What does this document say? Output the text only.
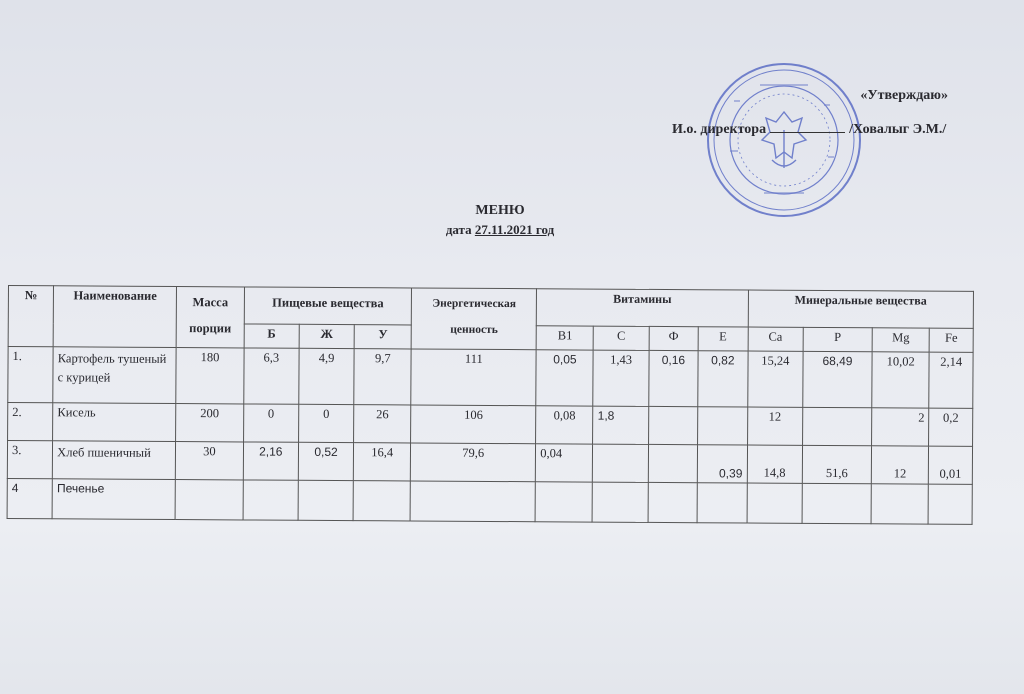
«Утверждаю»
И.о. директора	/Ховалыг Э.М./
МЕНЮ
дата 27.11.2021 год
№	Наименование	Масса порции	Пищевые вещества			Энергетическая ценность	Витамины				Минеральные вещества			
			Б	Ж	У		B1	C	Ф	E	Ca	P	Mg	Fe
1.	Картофель тушеный с курицей	180	6,3	4,9	9,7	111	0,05	1,43	0,16	0,82	15,24	68,49	10,02	2,14
2.	Кисель	200	0	0	26	106	0,08	1,8			12		2	0,2
3.	Хлеб пшеничный	30	2,16	0,52	16,4	79,6	0,04			0,39	14,8	51,6	12	0,01
4	Печенье													
